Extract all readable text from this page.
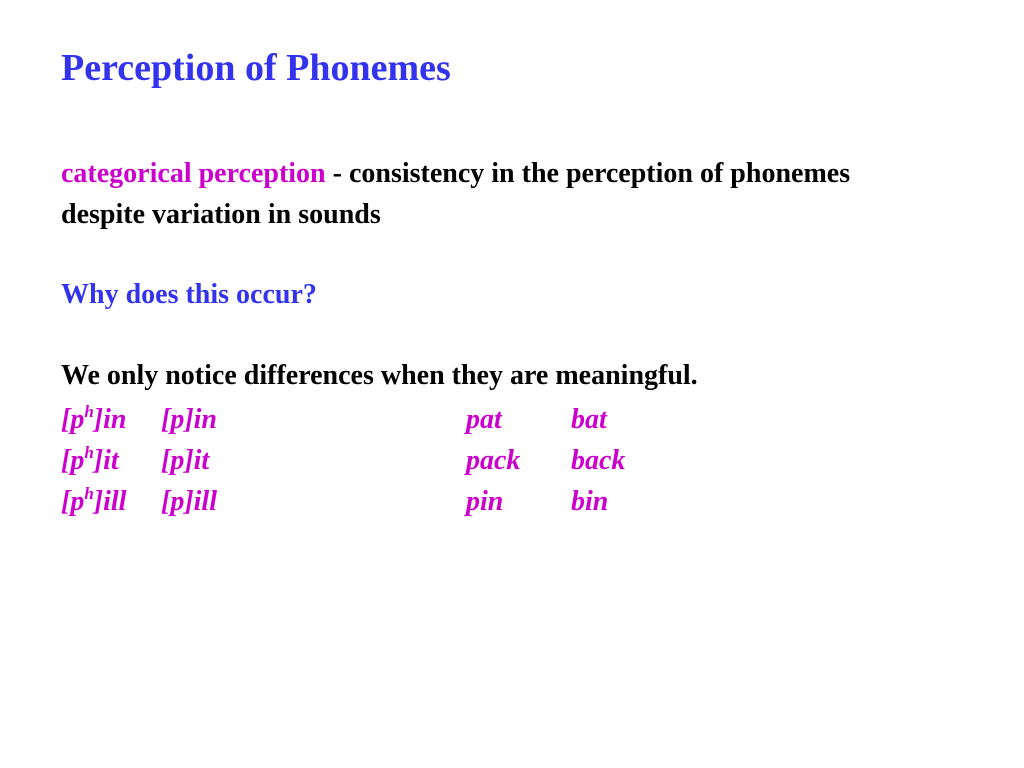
Perception of Phonemes
categorical perception - consistency in the perception of phonemes despite variation in sounds
Why does this occur?
We only notice differences when they are meaningful.
$[p^h]in$ [p]in	pat bat
$[p^h]it$ [p]it	pack back
$[p^h]ill$ [p]ill	pin bin
